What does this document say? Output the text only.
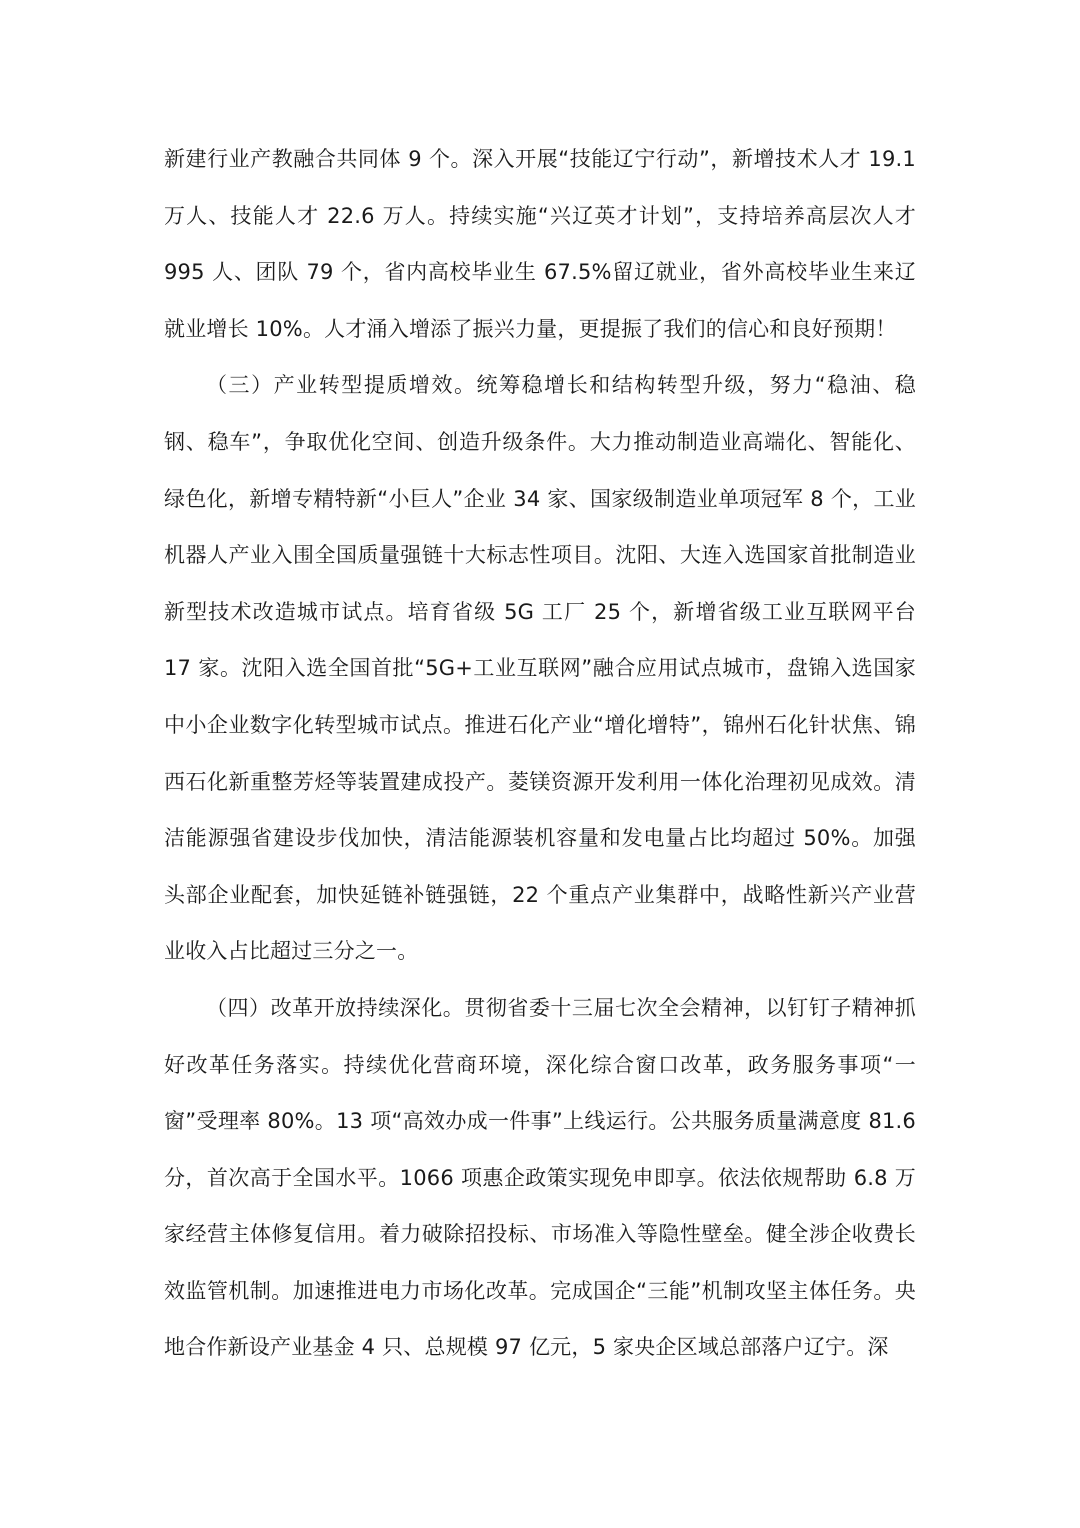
新建行业产教融合共同体 9 个。深入开展“技能辽宁行动”，新增技术人才 19.1 万人、技能人才 22.6 万人。持续实施“兴辽英才计划”，支持培养高层次人才 995 人、团队 79 个，省内高校毕业生 67.5%留辽就业，省外高校毕业生来辽就业增长 10%。人才涌入增添了振兴力量，更提振了我们的信心和良好预期！

（三）产业转型提质增效。统筹稳增长和结构转型升级，努力“稳油、稳钢、稳车”，争取优化空间、创造升级条件。大力推动制造业高端化、智能化、绿色化，新增专精特新“小巨人”企业 34 家、国家级制造业单项冠军 8 个，工业机器人产业入围全国质量强链十大标志性项目。沈阳、大连入选国家首批制造业新型技术改造城市试点。培育省级 5G 工厂 25 个，新增省级工业互联网平台 17 家。沈阳入选全国首批“5G+工业互联网”融合应用试点城市，盘锦入选国家中小企业数字化转型城市试点。推进石化产业“增化增特”，锦州石化针状焦、锦西石化新重整芳烃等装置建成投产。菱镁资源开发利用一体化治理初见成效。清洁能源强省建设步伐加快，清洁能源装机容量和发电量占比均超过 50%。加强头部企业配套，加快延链补链强链，22 个重点产业集群中，战略性新兴产业营业收入占比超过三分之一。

（四）改革开放持续深化。贯彻省委十三届七次全会精神，以钉钉子精神抓好改革任务落实。持续优化营商环境，深化综合窗口改革，政务服务事项“一窗”受理率 80%。13 项“高效办成一件事”上线运行。公共服务质量满意度 81.6 分，首次高于全国水平。1066 项惠企政策实现免申即享。依法依规帮助 6.8 万家经营主体修复信用。着力破除招投标、市场准入等隐性壁垒。健全涉企收费长效监管机制。加速推进电力市场化改革。完成国企“三能”机制攻坚主体任务。央地合作新设产业基金 4 只、总规模 97 亿元，5 家央企区域总部落户辽宁。深
